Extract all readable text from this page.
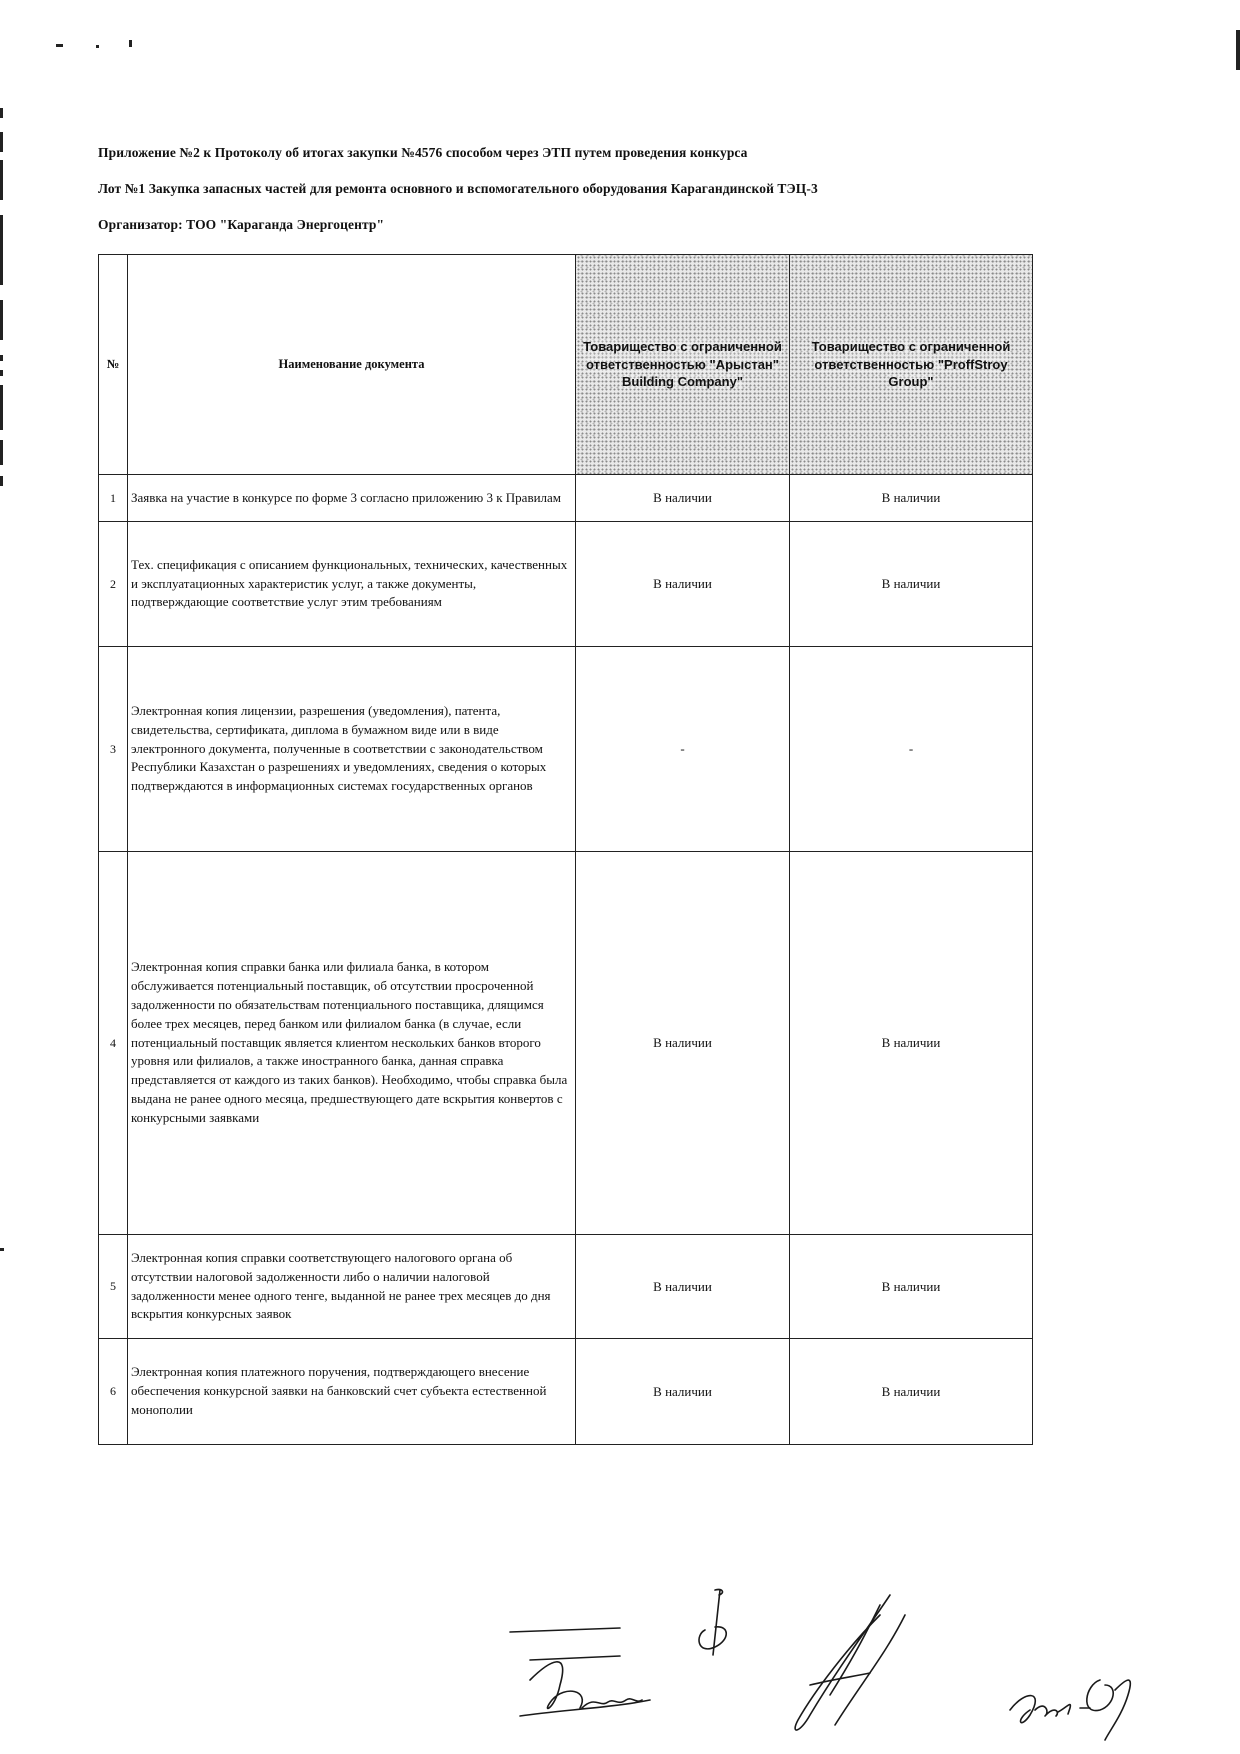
Приложение №2 к Протоколу об итогах закупки №4576 способом через ЭТП путем проведения конкурса
Лот №1 Закупка запасных частей для ремонта основного и вспомогательного оборудования Карагандинской ТЭЦ-3
Организатор: ТОО "Караганда Энергоцентр"
№	Наименование документа	Товарищество с ограниченной ответственностью "Арыстан" Building Company"	Товарищество с ограниченной ответственностью "ProffStroy Group"
1	Заявка на участие в конкурсе по форме 3 согласно приложению 3 к Правилам	В наличии	В наличии
2	Тех. спецификация с описанием функциональных, технических, качественных и эксплуатационных характеристик услуг, а также документы, подтверждающие соответствие услуг этим требованиям	В наличии	В наличии
3	Электронная копия лицензии, разрешения (уведомления), патента, свидетельства, сертификата, диплома в бумажном виде или в виде электронного документа, полученные в соответствии с законодательством Республики Казахстан о разрешениях и уведомлениях, сведения о которых подтверждаются в информационных системах государственных органов	-	-
4	Электронная копия справки банка или филиала банка, в котором обслуживается потенциальный поставщик, об отсутствии просроченной задолженности по обязательствам потенциального поставщика, длящимся более трех месяцев, перед банком или филиалом банка (в случае, если потенциальный поставщик является клиентом нескольких банков второго уровня или филиалов, а также иностранного банка, данная справка представляется от каждого из таких банков). Необходимо, чтобы справка была выдана не ранее одного месяца, предшествующего дате вскрытия конвертов с конкурсными заявками	В наличии	В наличии
5	Электронная копия справки соответствующего налогового органа об отсутствии налоговой задолженности либо о наличии налоговой задолженности менее одного тенге, выданной не ранее трех месяцев до дня вскрытия конкурсных заявок	В наличии	В наличии
6	Электронная копия платежного поручения, подтверждающего внесение обеспечения конкурсной заявки на банковский счет субъекта естественной монополии	В наличии	В наличии
